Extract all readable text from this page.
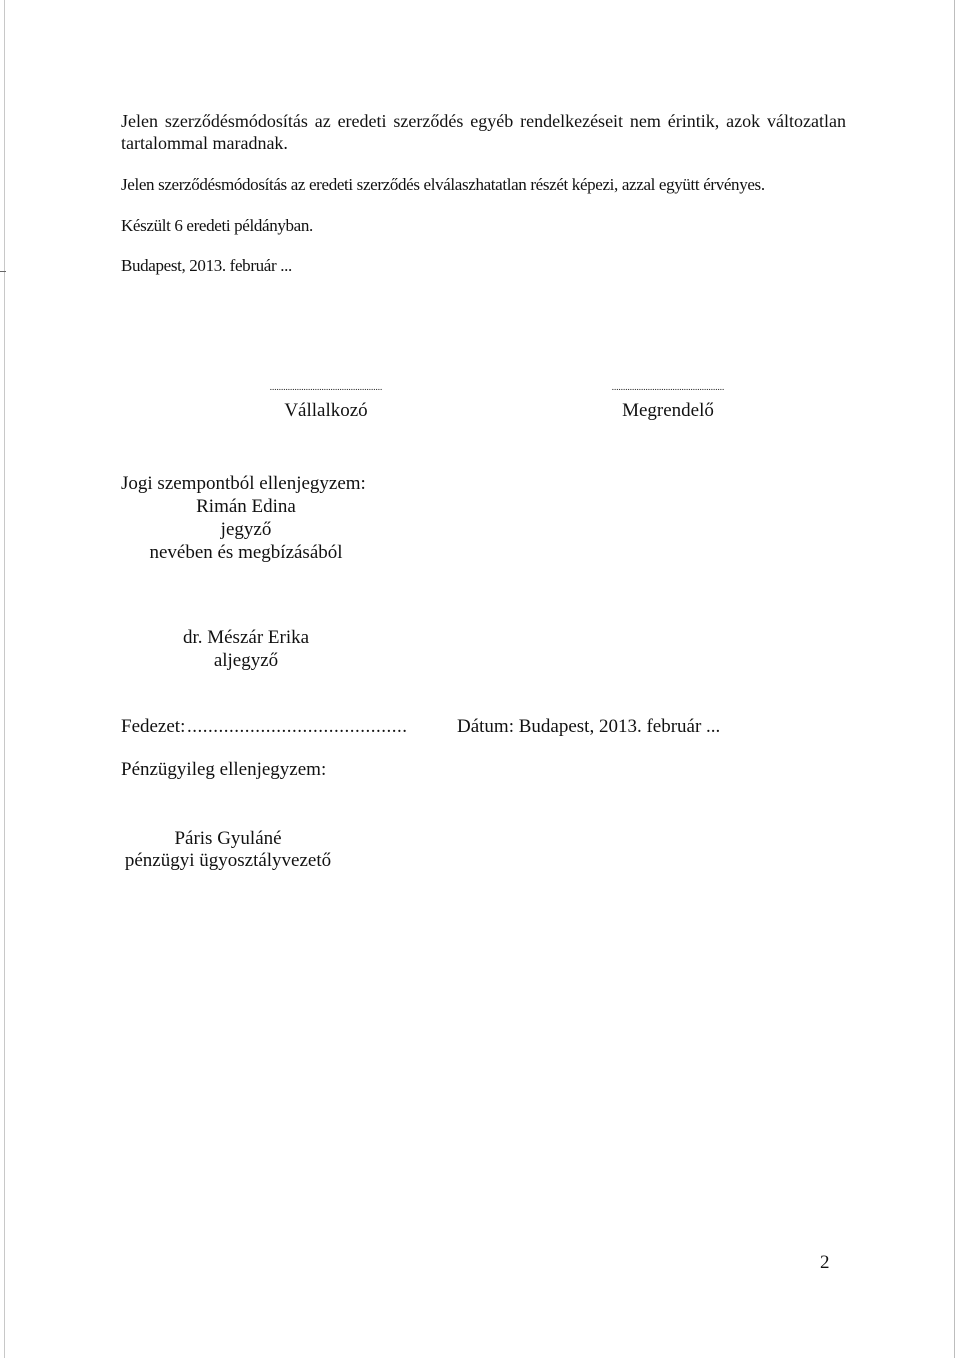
Jelen szerződésmódosítás az eredeti szerződés egyéb rendelkezéseit nem érintik, azok változatlan tartalommal maradnak.

Jelen szerződésmódosítás az eredeti szerződés elválaszhatatlan részét képezi, azzal együtt érvényes.

Készült 6 eredeti példányban.

Budapest, 2013. február ...

..................................................

Vállalkozó

..................................................

Megrendelő

Jogi szempontból ellenjegyzem:

Rimán Edina

jegyző

nevében és megbízásából

dr. Mészár Erika

aljegyző

Fedezet: ..........................................	Dátum: Budapest, 2013. február ...

Pénzügyileg ellenjegyzem:

Páris Gyuláné

pénzügyi ügyosztályvezető

2
